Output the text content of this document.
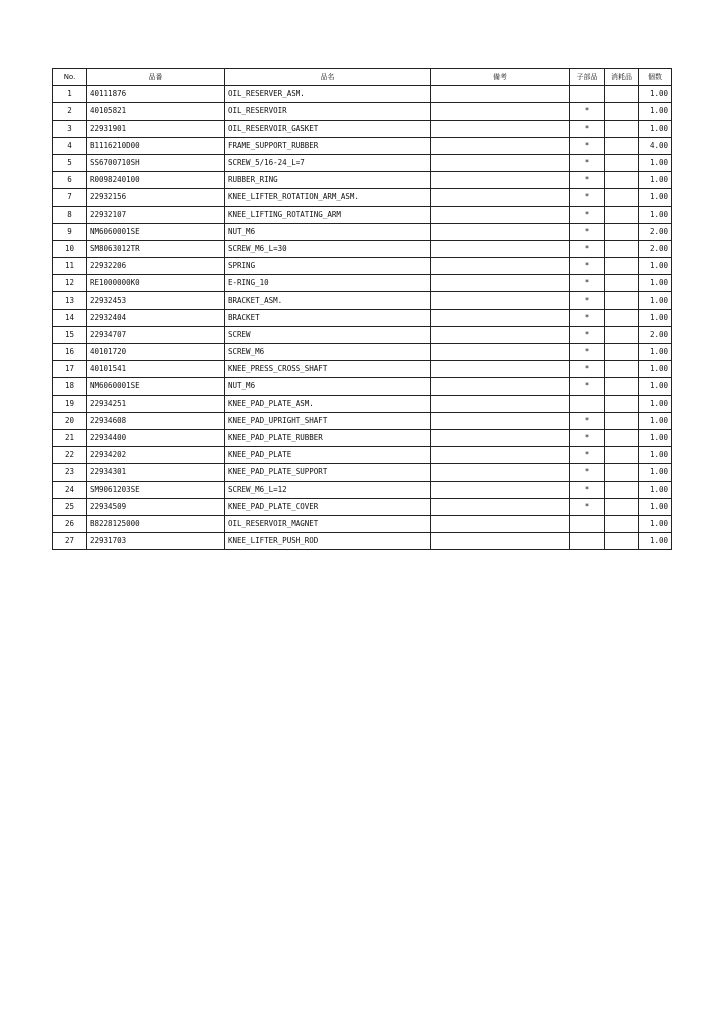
No.	品番	品名	備考	子部品	消耗品	個数
1	40111876	OIL_RESERVER_ASM.				1.00
2	40105821	OIL_RESERVOIR		*		1.00
3	22931901	OIL_RESERVOIR_GASKET		*		1.00
4	B1116210D00	FRAME_SUPPORT_RUBBER		*		4.00
5	SS6700710SH	SCREW_5/16-24_L=7		*		1.00
6	R0098240100	RUBBER_RING		*		1.00
7	22932156	KNEE_LIFTER_ROTATION_ARM_ASM.		*		1.00
8	22932107	KNEE_LIFTING_ROTATING_ARM		*		1.00
9	NM6060001SE	NUT_M6		*		2.00
10	SM8063012TR	SCREW_M6_L=30		*		2.00
11	22932206	SPRING		*		1.00
12	RE1000000K0	E-RING_10		*		1.00
13	22932453	BRACKET_ASM.		*		1.00
14	22932404	BRACKET		*		1.00
15	22934707	SCREW		*		2.00
16	40101720	SCREW_M6		*		1.00
17	40101541	KNEE_PRESS_CROSS_SHAFT		*		1.00
18	NM6060001SE	NUT_M6		*		1.00
19	22934251	KNEE_PAD_PLATE_ASM.				1.00
20	22934608	KNEE_PAD_UPRIGHT_SHAFT		*		1.00
21	22934400	KNEE_PAD_PLATE_RUBBER		*		1.00
22	22934202	KNEE_PAD_PLATE		*		1.00
23	22934301	KNEE_PAD_PLATE_SUPPORT		*		1.00
24	SM9061203SE	SCREW_M6_L=12		*		1.00
25	22934509	KNEE_PAD_PLATE_COVER		*		1.00
26	B8228125000	OIL_RESERVOIR_MAGNET				1.00
27	22931703	KNEE_LIFTER_PUSH_ROD				1.00
